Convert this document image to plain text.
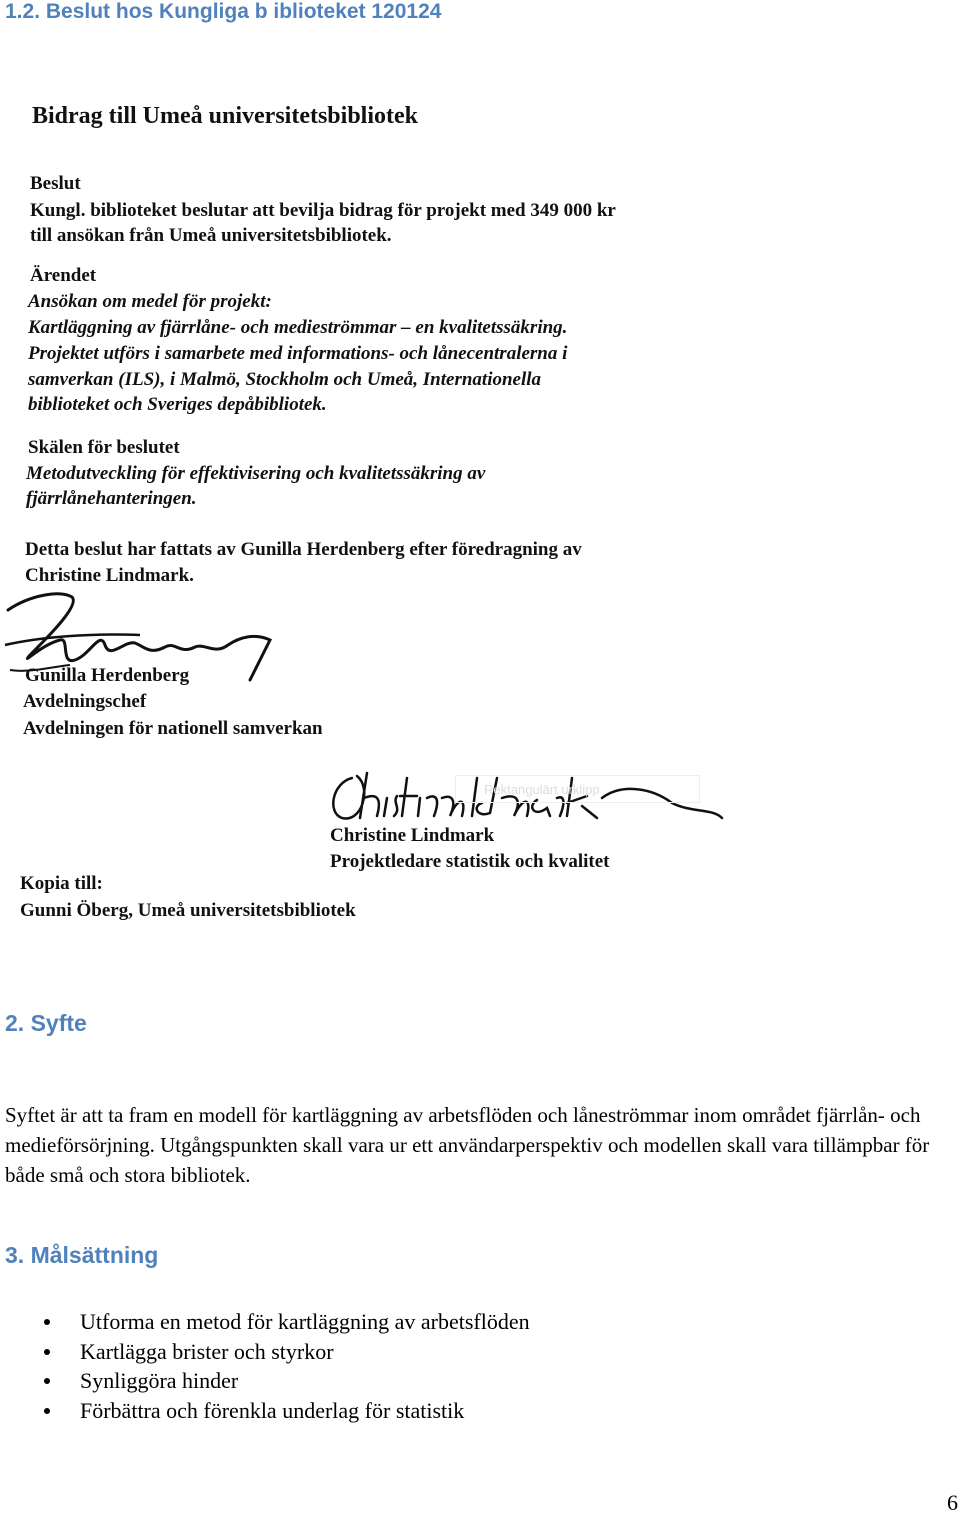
1.2. Beslut hos Kungliga b iblioteket 120124
Bidrag till Umeå universitetsbibliotek
Beslut
Kungl. biblioteket beslutar att bevilja bidrag för projekt med 349 000 kr
till ansökan från Umeå universitetsbibliotek.
Ärendet
Ansökan om medel för projekt:
Kartläggning av fjärrlåne- och medieströmmar – en kvalitetssäkring.
Projektet utförs i samarbete med informations- och lånecentralerna i
samverkan (ILS), i Malmö, Stockholm och Umeå, Internationella
biblioteket och Sveriges depåbibliotek.
Skälen för beslutet
Metodutveckling för effektivisering och kvalitetssäkring av
fjärrlånehanteringen.
Detta beslut har fattats av Gunilla Herdenberg efter föredragning av
Christine Lindmark.
Gunilla Herdenberg
Avdelningschef
Avdelningen för nationell samverkan
Christine Lindmark
Projektledare statistik och kvalitet
Kopia till:
Gunni Öberg, Umeå universitetsbibliotek
Rektangulärt urklipp
2. Syfte

Syftet är att ta fram en modell för kartläggning av arbetsflöden och låneströmmar inom området fjärrlån- och medieförsörjning. Utgångspunkten skall vara ur ett användarperspektiv och modellen skall vara tillämpbar för både små och stora bibliotek.

3. Målsättning
Utforma en metod för kartläggning av arbetsflöden
Kartlägga brister och styrkor
Synliggöra hinder
Förbättra och förenkla underlag för statistik
6
